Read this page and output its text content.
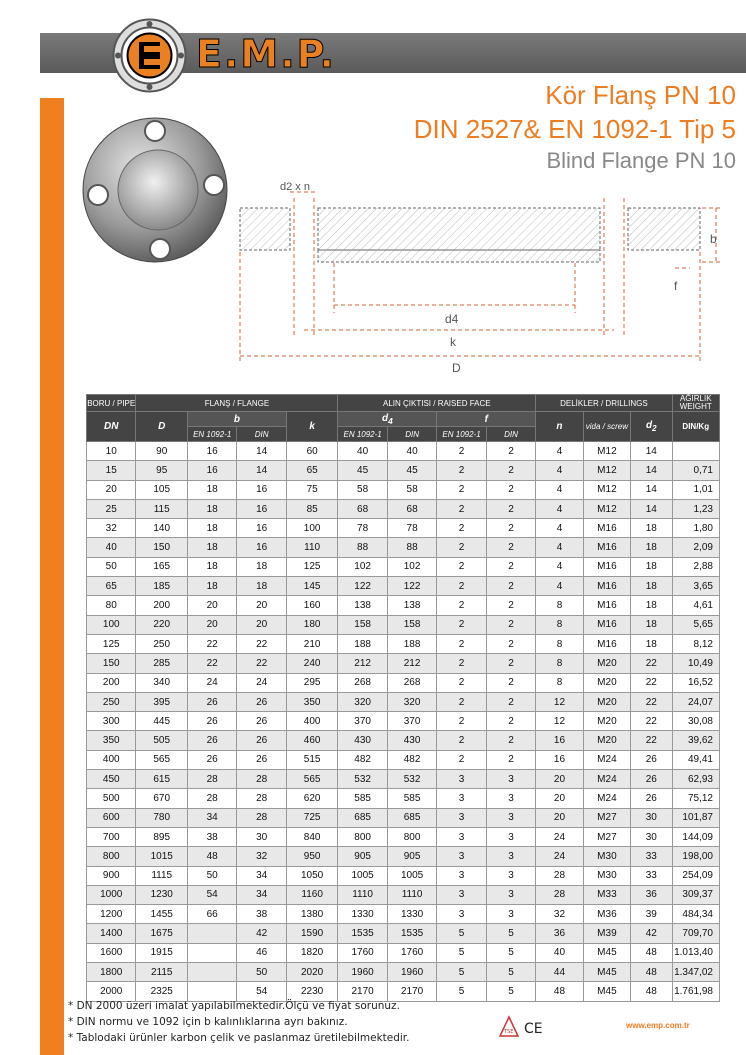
E.M.P.
Kör Flanş PN 10
DIN 2527& EN 1092-1 Tip 5
Blind Flange PN 10
d2 x n
b
f
d4
k
D
BORU / PIPE	FLANŞ / FLANGE				ALIN ÇIKTISI / RAISED FACE				DELİKLER / DRILLINGS			AĞIRLIK WEIGHT
DN	D	b		k	$d_4$		f		n	vida / screw	$d_2$	DIN/Kg
		EN 1092-1	DIN		EN 1092-1	DIN	EN 1092-1	DIN				
10	90	16	14	60	40	40	2	2	4	M12	14	
15	95	16	14	65	45	45	2	2	4	M12	14	0,71
20	105	18	16	75	58	58	2	2	4	M12	14	1,01
25	115	18	16	85	68	68	2	2	4	M12	14	1,23
32	140	18	16	100	78	78	2	2	4	M16	18	1,80
40	150	18	16	110	88	88	2	2	4	M16	18	2,09
50	165	18	18	125	102	102	2	2	4	M16	18	2,88
65	185	18	18	145	122	122	2	2	4	M16	18	3,65
80	200	20	20	160	138	138	2	2	8	M16	18	4,61
100	220	20	20	180	158	158	2	2	8	M16	18	5,65
125	250	22	22	210	188	188	2	2	8	M16	18	8,12
150	285	22	22	240	212	212	2	2	8	M20	22	10,49
200	340	24	24	295	268	268	2	2	8	M20	22	16,52
250	395	26	26	350	320	320	2	2	12	M20	22	24,07
300	445	26	26	400	370	370	2	2	12	M20	22	30,08
350	505	26	26	460	430	430	2	2	16	M20	22	39,62
400	565	26	26	515	482	482	2	2	16	M24	26	49,41
450	615	28	28	565	532	532	3	3	20	M24	26	62,93
500	670	28	28	620	585	585	3	3	20	M24	26	75,12
600	780	34	28	725	685	685	3	3	20	M27	30	101,87
700	895	38	30	840	800	800	3	3	24	M27	30	144,09
800	1015	48	32	950	905	905	3	3	24	M30	33	198,00
900	1115	50	34	1050	1005	1005	3	3	28	M30	33	254,09
1000	1230	54	34	1160	1110	1110	3	3	28	M33	36	309,37
1200	1455	66	38	1380	1330	1330	3	3	32	M36	39	484,34
1400	1675		42	1590	1535	1535	5	5	36	M39	42	709,70
1600	1915		46	1820	1760	1760	5	5	40	M45	48	1.013,40
1800	2115		50	2020	1960	1960	5	5	44	M45	48	1.347,02
2000	2325		54	2230	2170	2170	5	5	48	M45	48	1.761,98
* DN 2000 üzeri imalat yapılabilmektedir.Ölçü ve fiyat sorunuz.
* DIN normu ve 1092 için b kalınlıklarına ayrı bakınız.
* Tablodaki ürünler karbon çelik ve paslanmaz üretilebilmektedir.	TSE CE	www.emp.com.tr
